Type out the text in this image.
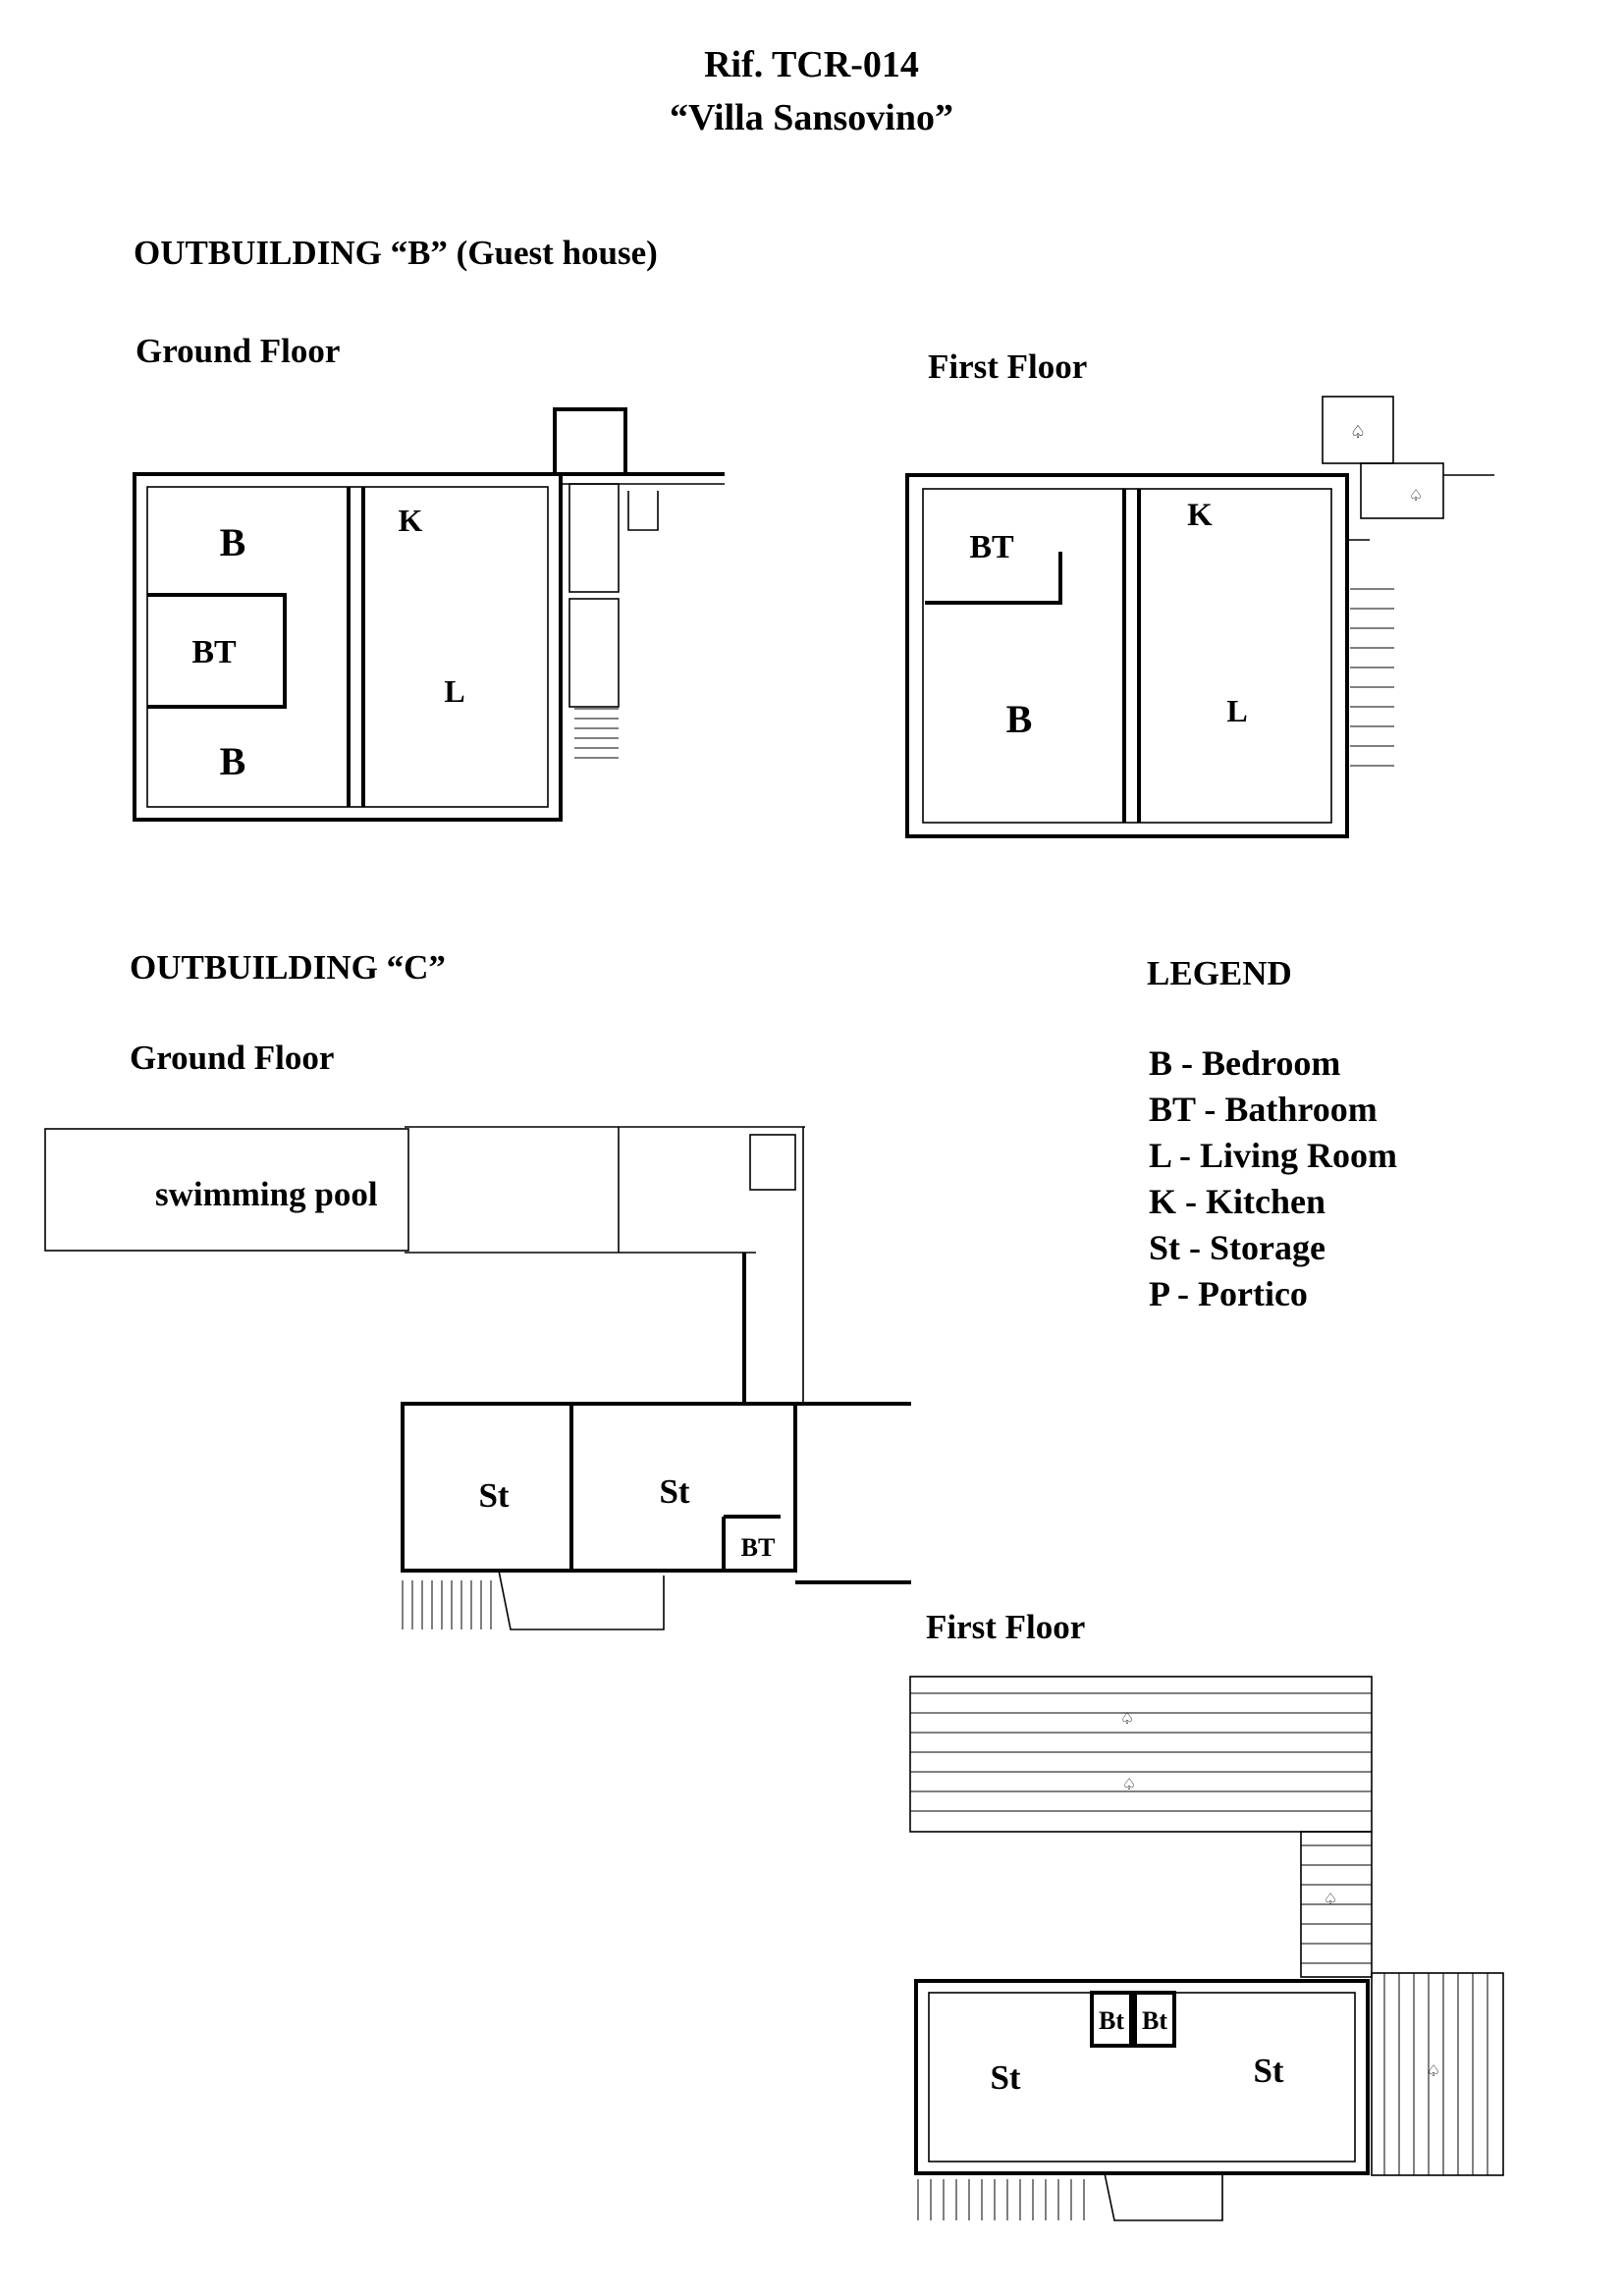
Rif. TCR-014
“Villa Sansovino”
OUTBUILDING “B” (Guest house)
Ground Floor	First Floor
B	K
BT
L
B
♤
♤
K
BT
B	L
OUTBUILDING “C”
Ground Floor
First Floor
LEGEND
B - Bedroom
BT - Bathroom
L - Living Room
K - Kitchen
St - Storage
P - Portico
swimming pool
St	St
BT
♤
♤
♤
♤
Bt Bt
St	St
